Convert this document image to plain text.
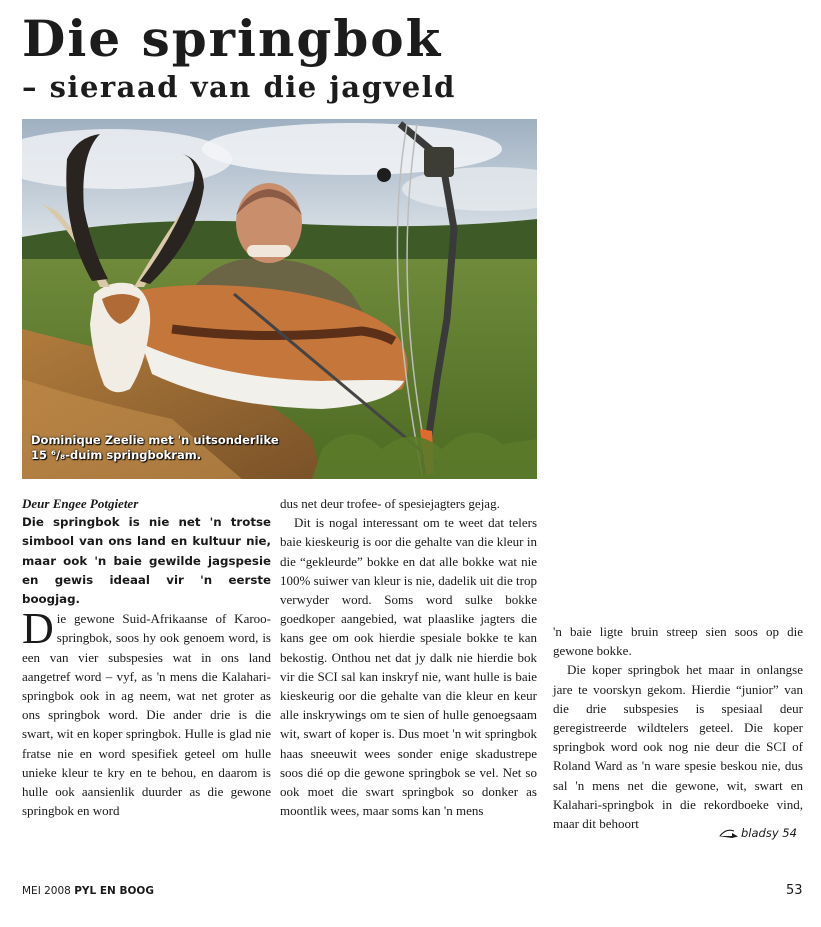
Die springbok
– sieraad van die jagveld
Dominique Zeelie met 'n uitsonderlike
15 ⁶/₈-duim springbokram.

Deur Engee Potgieter

Die springbok is nie net 'n trotse simbool van ons land en kultuur nie, maar ook 'n baie gewilde jagspesie en gewis ideaal vir 'n eerste boogjag.

Die gewone Suid-Afrikaanse of Karoo-springbok, soos hy ook genoem word, is een van vier subspesies wat in ons land aangetref word – vyf, as 'n mens die Kalahari-springbok ook in ag neem, wat net groter as ons springbok word. Die ander drie is die swart, wit en koper springbok. Hulle is glad nie fratse nie en word spesifiek geteel om hulle unieke kleur te kry en te behou, en daarom is hulle ook aansienlik duurder as die gewone springbok en word

dus net deur trofee- of spesiejagters gejag.

Dit is nogal interessant om te weet dat telers baie kieskeurig is oor die gehalte van die kleur in die “gekleurde” bokke en dat alle bokke wat nie 100% suiwer van kleur is nie, dadelik uit die trop verwyder word. Soms word sulke bokke goedkoper aangebied, wat plaaslike jagters die kans gee om ook hierdie spesiale bokke te kan bekostig. Onthou net dat jy dalk nie hierdie bok vir die SCI sal kan inskryf nie, want hulle is baie kieskeurig oor die gehalte van die kleur en keur alle inskrywings om te sien of hulle genoegsaam wit, swart of koper is. Dus moet 'n wit springbok haas sneeuwit wees sonder enige skadustrepe soos dié op die gewone springbok se vel. Net so ook moet die swart springbok so donker as moontlik wees, maar soms kan 'n mens

'n baie ligte bruin streep sien soos op die gewone bokke.

Die koper springbok het maar in onlangse jare te voorskyn gekom. Hierdie “junior” van die drie subspesies is spesiaal deur geregistreerde wildtelers geteel. Die koper springbok word ook nog nie deur die SCI of Roland Ward as 'n ware spesie beskou nie, dus sal 'n mens net die gewone, wit, swart en Kalahari-springbok in die rekordboeke vind, maar dit behoort

bladsy 54
MEI 2008 PYL EN BOOG	53
